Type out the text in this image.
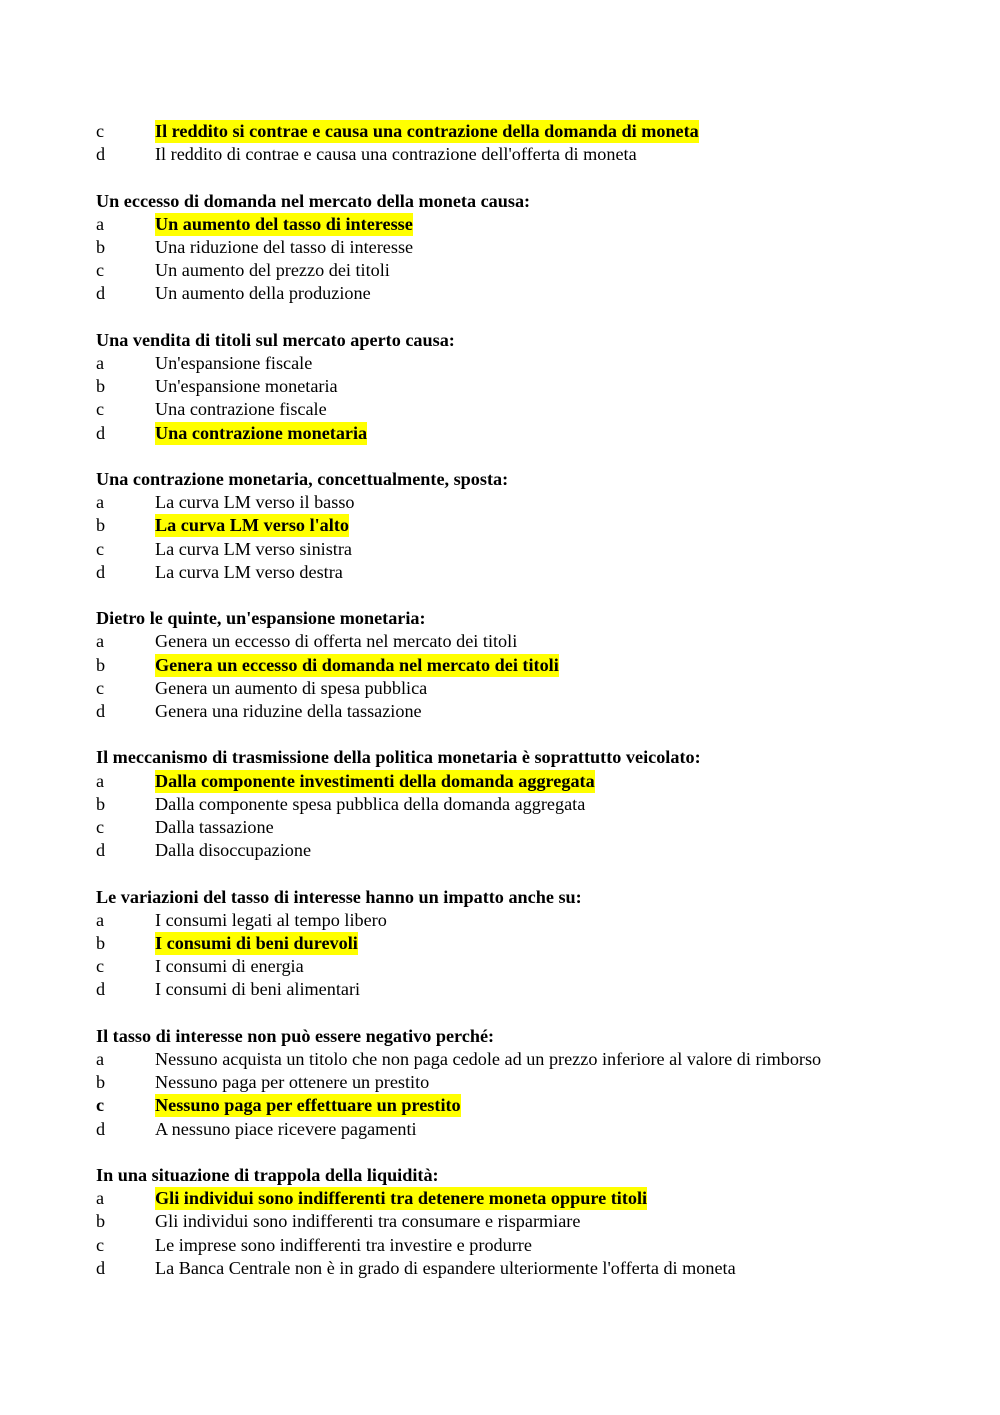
c	Il reddito si contrae e causa una contrazione della domanda di moneta
d	Il reddito di contrae e causa una contrazione dell'offerta di moneta
Un eccesso di domanda nel mercato della moneta causa:
a	Un aumento del tasso di interesse
b	Una riduzione del tasso di interesse
c	Un aumento del prezzo dei titoli
d	Un aumento della produzione
Una vendita di titoli sul mercato aperto causa:
a	Un'espansione fiscale
b	Un'espansione monetaria
c	Una contrazione fiscale
d	Una contrazione monetaria
Una contrazione monetaria, concettualmente, sposta:
a	La curva LM verso il basso
b	La curva LM verso l'alto
c	La curva LM verso sinistra
d	La curva LM verso destra
Dietro le quinte, un'espansione monetaria:
a	Genera un eccesso di offerta nel mercato dei titoli
b	Genera un eccesso di domanda nel mercato dei titoli
c	Genera un aumento di spesa pubblica
d	Genera una riduzine della tassazione
Il meccanismo di trasmissione della politica monetaria è soprattutto veicolato:
a	Dalla componente investimenti della domanda aggregata
b	Dalla componente spesa pubblica della domanda aggregata
c	Dalla tassazione
d	Dalla disoccupazione
Le variazioni del tasso di interesse hanno un impatto anche su:
a	I consumi legati al tempo libero
b	I consumi di beni durevoli
c	I consumi di energia
d	I consumi di beni alimentari
Il tasso di interesse non può essere negativo perché:
a	Nessuno acquista un titolo che non paga cedole ad un prezzo inferiore al valore di rimborso
b	Nessuno paga per ottenere un prestito
c	Nessuno paga per effettuare un prestito
d	A nessuno piace ricevere pagamenti
In una situazione di trappola della liquidità:
a	Gli individui sono indifferenti tra detenere moneta oppure titoli
b	Gli individui sono indifferenti tra consumare e risparmiare
c	Le imprese sono indifferenti tra investire e produrre
d	La Banca Centrale non è in grado di espandere ulteriormente l'offerta di moneta
